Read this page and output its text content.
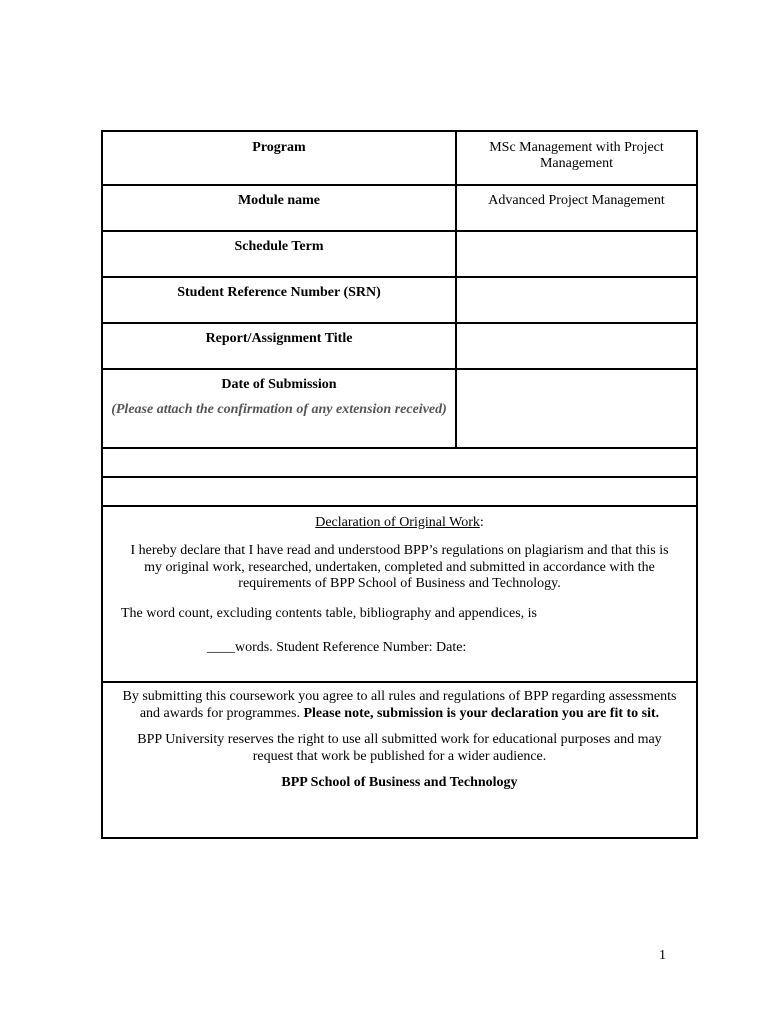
Program	MSc Management with Project Management
Module name	Advanced Project Management
Schedule Term	
Student Reference Number (SRN)	
Report/Assignment Title	

Date of Submission
(Please attach the confirmation of any extension received)	

Declaration of Original Work:
I hereby declare that I have read and understood BPP’s regulations on plagiarism and that this is my original work, researched, undertaken, completed and submitted in accordance with the requirements of BPP School of Business and Technology.
The word count, excluding contents table, bibliography and appendices, is
____words. Student Reference Number: Date:	

By submitting this coursework you agree to all rules and regulations of BPP regarding assessments and awards for programmes. Please note, submission is your declaration you are fit to sit.

BPP University reserves the right to use all submitted work for educational purposes and may request that work be published for a wider audience.

BPP School of Business and Technology	

1
